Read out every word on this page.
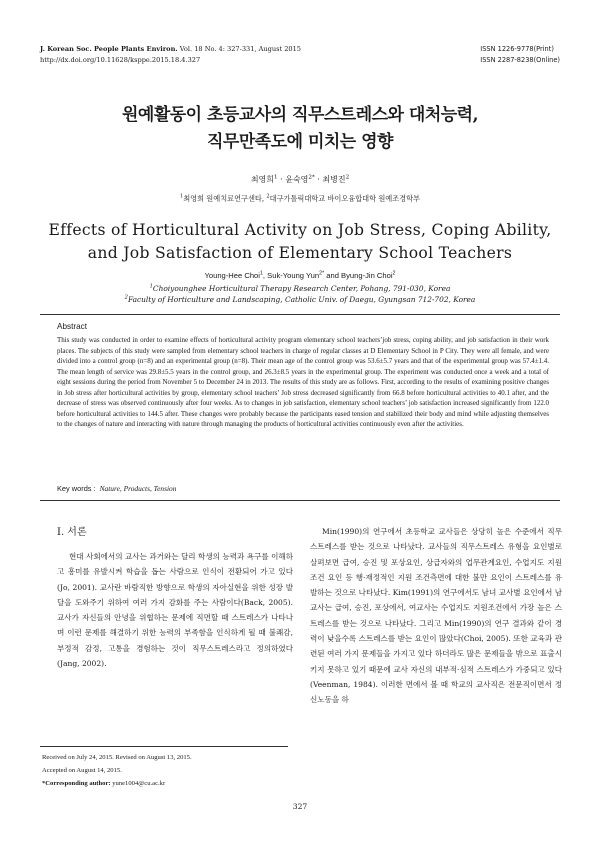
J. Korean Soc. People Plants Environ. Vol. 18 No. 4: 327-331, August 2015
http://dx.doi.org/10.11628/ksppe.2015.18.4.327
ISSN 1226-9778(Print)
ISSN 2287-8238(Online)
원예활동이 초등교사의 직무스트레스와 대처능력,
직무만족도에 미치는 영향
최영희$^1$ · 윤숙영$^{2*}$ · 최병진$^2$
$^1$최영희 원예치료연구센타, $^2$대구가톨릭대학교 바이오융합대학 원예조경학부
Effects of Horticultural Activity on Job Stress, Coping Ability,
and Job Satisfaction of Elementary School Teachers
Young-Hee Choi$^1$, Suk-Young Yun$^{2*}$ and Byung-Jin Choi$^2$
$^1$Choiyounghee Horticultural Therapy Research Center, Pohang, 791-030, Korea
$^2$Faculty of Horticulture and Landscaping, Catholic Univ. of Daegu, Gyungsan 712-702, Korea
Abstract

This study was conducted in order to examine effects of horticultural activity program elementary school teachers’job stress, coping ability, and job satisfaction in their work places. The subjects of this study were sampled from elementary school teachers in charge of regular classes at D Elementary School in P City. They were all female, and were divided into a control group (n=8) and an experimental group (n=8). Their mean age of the control group was 53.6±5.7 years and that of the experimental group was 57.4±1.4. The mean length of service was 29.8±5.5 years in the control group, and 26.3±8.5 years in the experimental group. The experiment was conducted once a week and a total of eight sessions during the period from November 5 to December 24 in 2013. The results of this study are as follows. First, according to the results of examining positive changes in Job stress after horticultural activities by group, elementary school teachers’ Job stress decreased significantly from 66.8 before horticultural activities to 40.1 after, and the decrease of stress was observed continuously after four weeks. As to changes in job satisfaction, elementary school teachers’ job satisfaction increased significantly from 122.0 before horticultural activities to 144.5 after. These changes were probably because the participants eased tension and stabilized their body and mind while adjusting themselves to the changes of nature and interacting with nature through managing the products of horticultural activities continuously even after the activities.

Key words : Nature, Products, Tension
Ⅰ. 서론

현대 사회에서의 교사는 과거와는 달리 학생의 능력과 욕구를 이해하고 흥미를 유발시켜 학습을 돕는 사람으로 인식이 전환되어 가고 있다(Jo, 2001). 교사란 바람직한 방향으로 학생의 자아실현을 위한 성장 발달을 도와주기 위하여 여러 가지 감화를 주는 사람이다(Back, 2005). 교사가 자신들의 안녕을 위협하는 문제에 직면할 때 스트레스가 나타나며 이런 문제를 해결하기 위한 능력의 부족함을 인식하게 될 때 불쾌감, 부정적 감정, 고통을 경험하는 것이 직무스트레스라고 정의하였다(Jang, 2002).

Min(1990)의 연구에서 초등학교 교사들은 상당히 높은 수준에서 직무 스트레스를 받는 것으로 나타났다. 교사들의 직무스트레스 유형을 요인별로 살펴보면 급여, 승진 및 포상요인, 상급자와의 업무관계요인, 수업지도 지원 조건 요인 등 행·재정적인 지원 조건측면에 대한 불만 요인이 스트레스를 유발하는 것으로 나타났다. Kim(1991)의 연구에서도 남녀 교사별 요인에서 남교사는 급여, 승진, 포상에서, 여교사는 수업지도 지원조건에서 가장 높은 스트레스를 받는 것으로 나타났다. 그리고 Min(1990)의 연구 결과와 같이 경력이 낮을수록 스트레스를 받는 요인이 많았다(Choi, 2005). 또한 교육과 관련된 여러 가지 문제들을 가지고 있다 하더라도 많은 문제들을 밖으로 표출시키지 못하고 있기 때문에 교사 자신의 내부적·심적 스트레스가 가중되고 있다(Veenman, 1984). 이러한 면에서 볼 때 학교의 교사직은 전문직이면서 정신노동을 하

Received on July 24, 2015. Revised on August 13, 2015.
Accepted on August 14, 2015.
*Corresponding author: yune1004@cu.ac.kr
327
